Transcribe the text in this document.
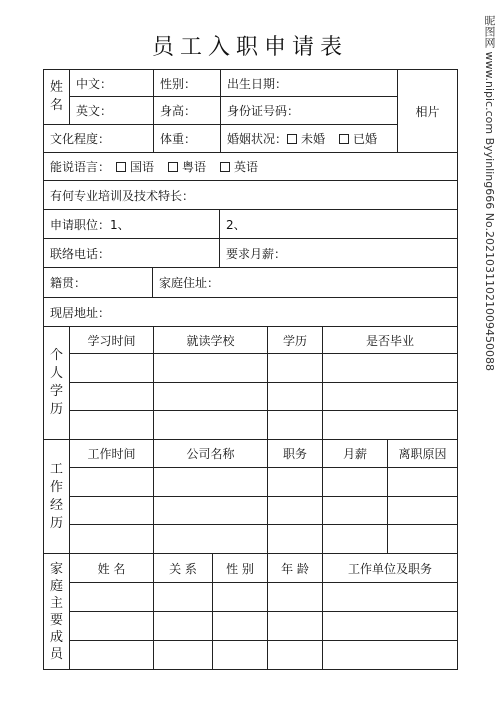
员工入职申请表
姓
名
中文：	性别：	出生日期：
相片
英文：	身高：	身份证号码：
文化程度：	体重：	婚姻状况： 未婚 已婚
能说语言： 国语 粤语 英语
有何专业培训及技术特长：
申请职位：1、	2、
联络电话：	要求月薪：
籍贯：	家庭住址：
现居地址：
个
人
学
历
学习时间	就读学校	学历	是否毕业
工
作
经
历
工作时间	公司名称	职务	月薪	离职原因
家
庭
主
要
成
员
姓 名	关 系	性 别	年 龄	工作单位及职务
昵图网 www.nipic.com Byyinling666 No.20210311021009450088
